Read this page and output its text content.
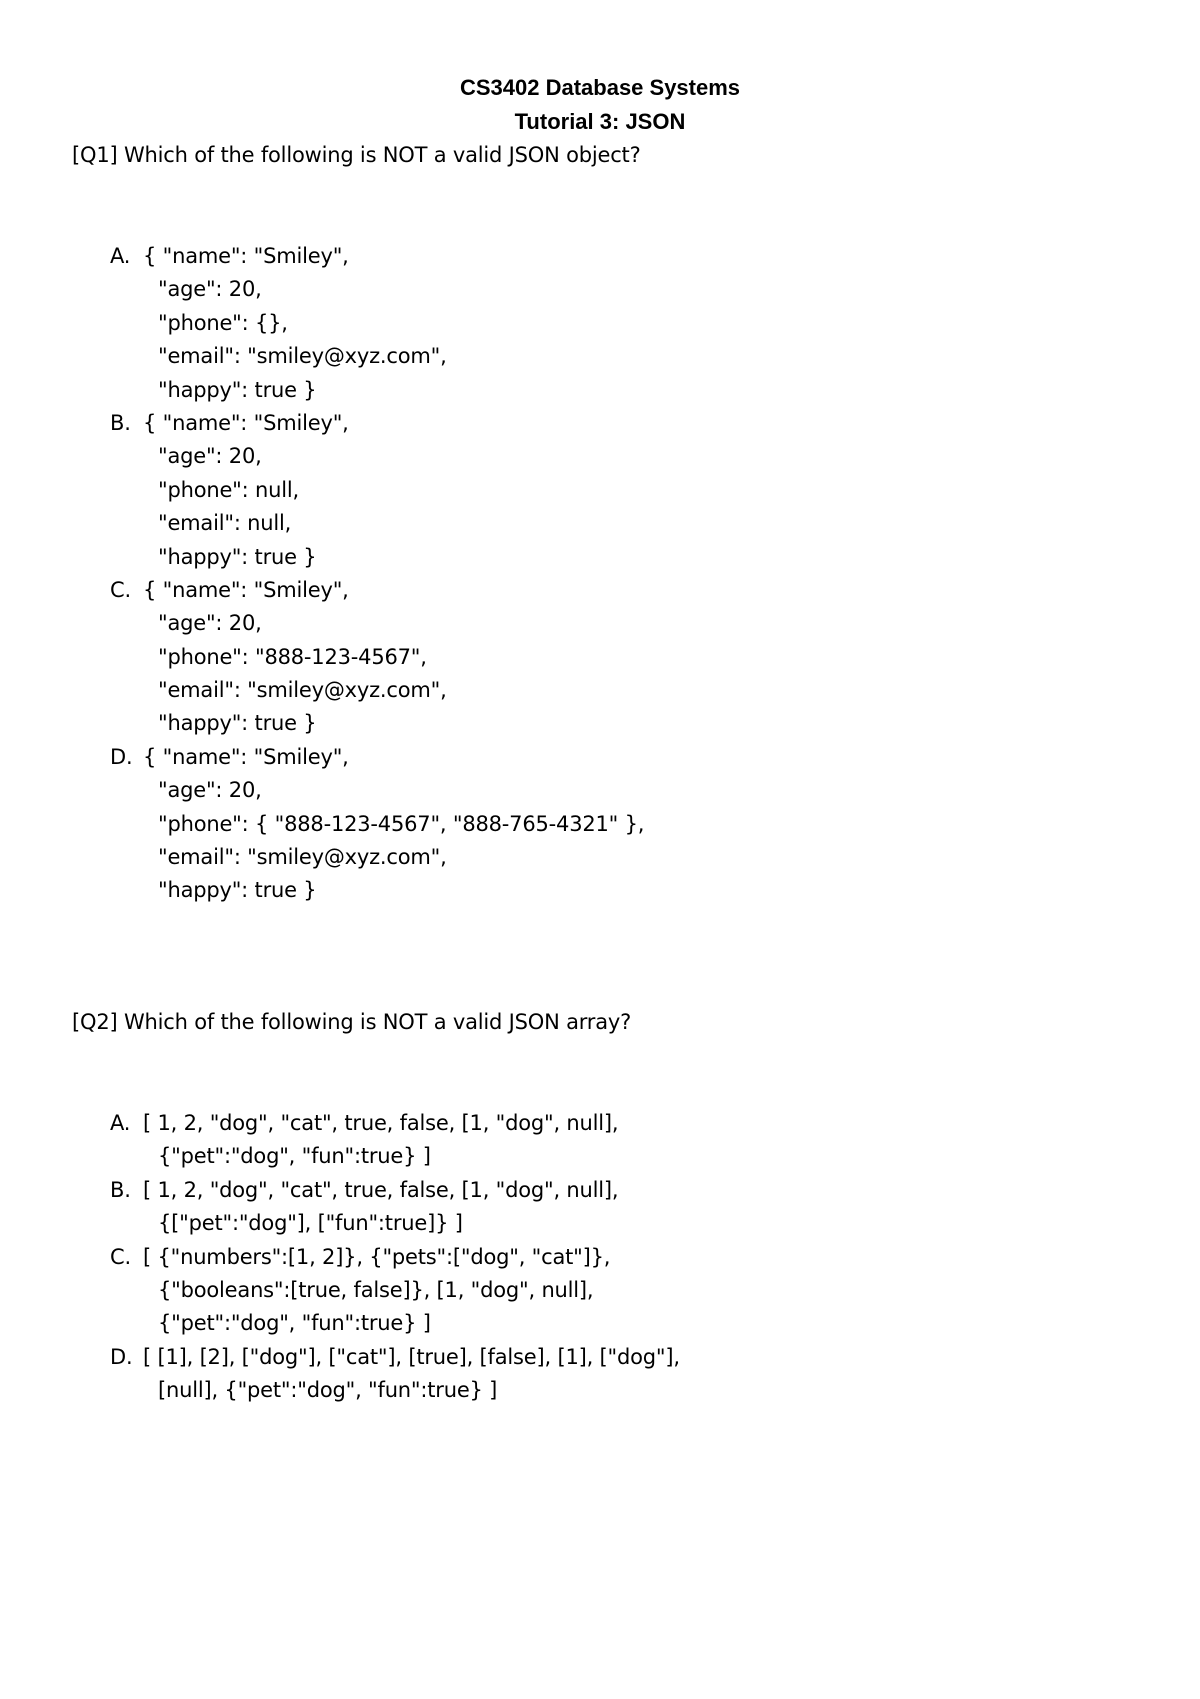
CS3402 Database Systems
Tutorial 3: JSON
[Q1] Which of the following is NOT a valid JSON object?
A. { "name": "Smiley",
"age": 20,
"phone": {},
"email": "smiley@xyz.com",
"happy": true }
B. { "name": "Smiley",
"age": 20,
"phone": null,
"email": null,
"happy": true }
C. { "name": "Smiley",
"age": 20,
"phone": "888-123-4567",
"email": "smiley@xyz.com",
"happy": true }
D. { "name": "Smiley",
"age": 20,
"phone": { "888-123-4567", "888-765-4321" },
"email": "smiley@xyz.com",
"happy": true }
[Q2] Which of the following is NOT a valid JSON array?
A. [ 1, 2, "dog", "cat", true, false, [1, "dog", null],
{"pet":"dog", "fun":true} ]
B. [ 1, 2, "dog", "cat", true, false, [1, "dog", null],
{["pet":"dog"], ["fun":true]} ]
C. [ {"numbers":[1, 2]}, {"pets":["dog", "cat"]},
{"booleans":[true, false]}, [1, "dog", null],
{"pet":"dog", "fun":true} ]
D. [ [1], [2], ["dog"], ["cat"], [true], [false], [1], ["dog"],
[null], {"pet":"dog", "fun":true} ]
